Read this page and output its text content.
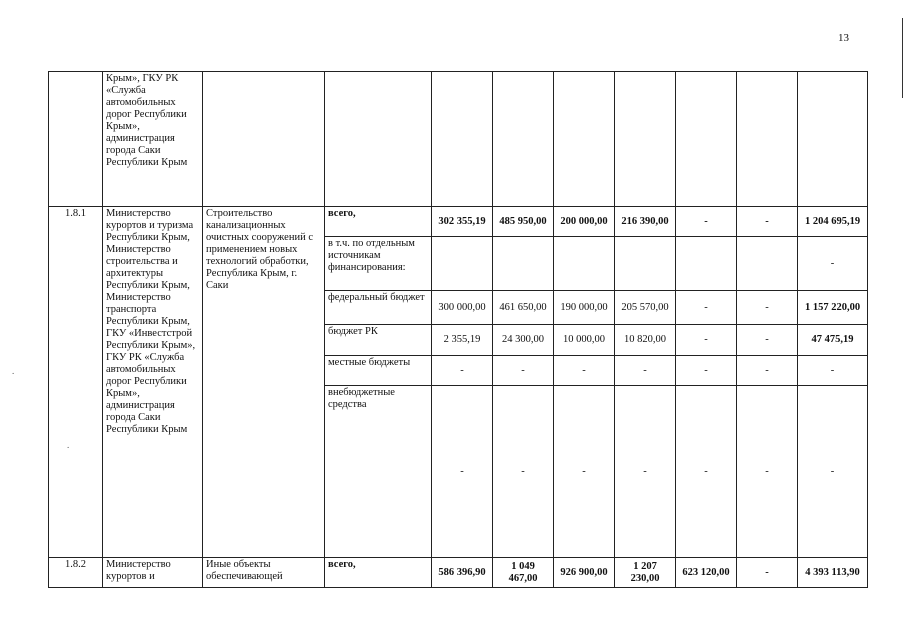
13
.
.
	Крым», ГКУ РК «Служба автомобильных дорог Республики Крым», администрация города Саки Республики Крым									
1.8.1	Министерство курортов и туризма Республики Крым, Министерство строительства и архитектуры Республики Крым, Министерство транспорта Республики Крым, ГКУ «Инвестстрой Республики Крым», ГКУ РК «Служба автомобильных дорог Республики Крым», администрация города Саки Республики Крым	Строительство канализационных очистных сооружений с применением новых технологий обработки, Республика Крым, г. Саки	всего,	302 355,19	485 950,00	200 000,00	216 390,00	-	-	1 204 695,19
			в т.ч. по отдельным источникам финансирования:							-
			федеральный бюджет	300 000,00	461 650,00	190 000,00	205 570,00	-	-	1 157 220,00
			бюджет РК	2 355,19	24 300,00	10 000,00	10 820,00	-	-	47 475,19
			местные бюджеты	-	-	-	-	-	-	-
			внебюджетные средства	-	-	-	-	-	-	-
1.8.2	Министерство курортов и	Иные объекты обеспечивающей	всего,	586 396,90	1 049 467,00	926 900,00	1 207 230,00	623 120,00	-	4 393 113,90
